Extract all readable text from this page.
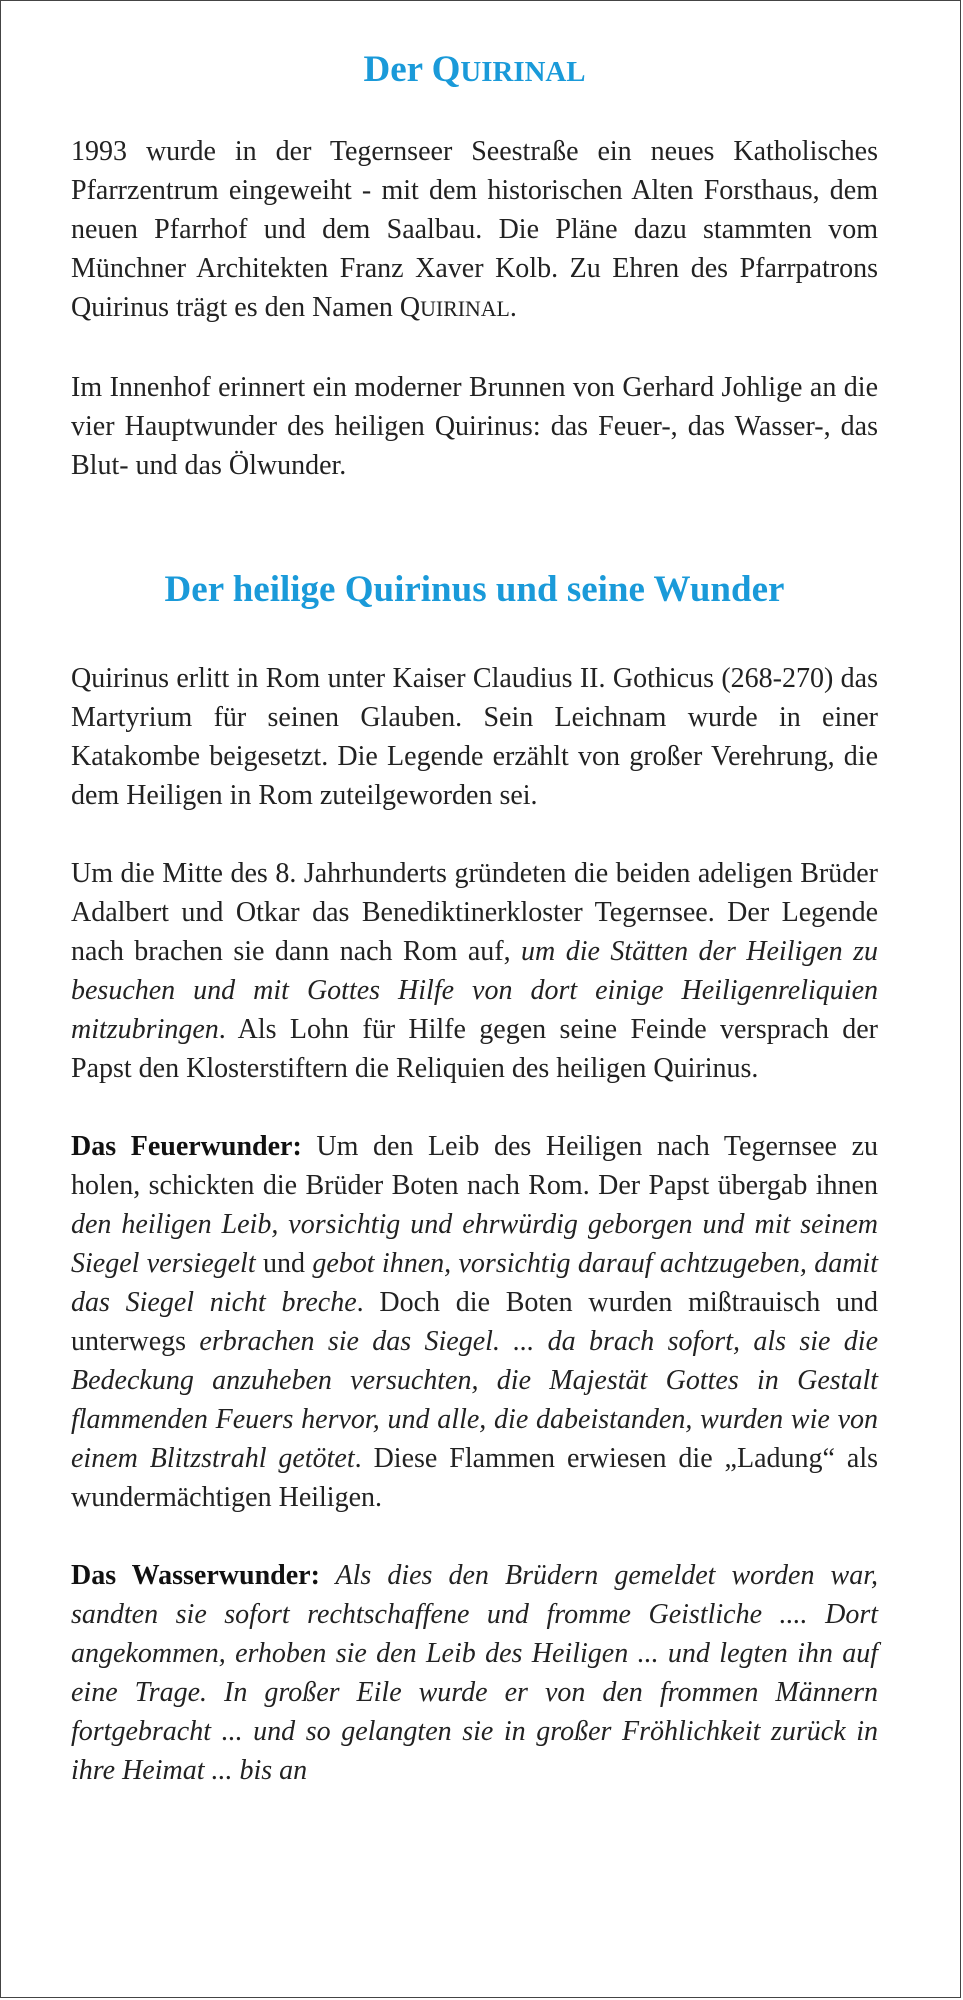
Der QUIRINAL

1993 wurde in der Tegernseer Seestraße ein neues Katholisches Pfarrzentrum eingeweiht - mit dem historischen Alten Forsthaus, dem neuen Pfarrhof und dem Saalbau. Die Pläne dazu stammten vom Münchner Architekten Franz Xaver Kolb. Zu Ehren des Pfarrpatrons Quirinus trägt es den Namen QUIRINAL.

Im Innenhof erinnert ein moderner Brunnen von Gerhard Johlige an die vier Hauptwunder des heiligen Quirinus: das Feuer-, das Wasser-, das Blut- und das Ölwunder.

Der heilige Quirinus und seine Wunder

Quirinus erlitt in Rom unter Kaiser Claudius II. Gothicus (268-270) das Martyrium für seinen Glauben. Sein Leichnam wurde in einer Katakombe beigesetzt. Die Legende erzählt von großer Verehrung, die dem Heiligen in Rom zuteilgeworden sei.

Um die Mitte des 8. Jahrhunderts gründeten die beiden adeligen Brüder Adalbert und Otkar das Benediktinerkloster Tegernsee. Der Legende nach brachen sie dann nach Rom auf, um die Stätten der Heiligen zu besuchen und mit Gottes Hilfe von dort einige Heiligenreliquien mitzubringen. Als Lohn für Hilfe gegen seine Feinde versprach der Papst den Klosterstiftern die Reliquien des heiligen Quirinus.

Das Feuerwunder: Um den Leib des Heiligen nach Tegernsee zu holen, schickten die Brüder Boten nach Rom. Der Papst übergab ihnen den heiligen Leib, vorsichtig und ehrwürdig geborgen und mit seinem Siegel versiegelt und gebot ihnen, vorsichtig darauf achtzugeben, damit das Siegel nicht breche. Doch die Boten wurden mißtrauisch und unterwegs erbrachen sie das Siegel. ... da brach sofort, als sie die Bedeckung anzuheben versuchten, die Majestät Gottes in Gestalt flammenden Feuers hervor, und alle, die dabeistanden, wurden wie von einem Blitzstrahl getötet. Diese Flammen erwiesen die „Ladung“ als wundermächtigen Heiligen.

Das Wasserwunder: Als dies den Brüdern gemeldet worden war, sandten sie sofort rechtschaffene und fromme Geistliche .... Dort angekommen, erhoben sie den Leib des Heiligen ... und legten ihn auf eine Trage. In großer Eile wurde er von den frommen Männern fortgebracht ... und so gelangten sie in großer Fröhlichkeit zurück in ihre Heimat ... bis an
